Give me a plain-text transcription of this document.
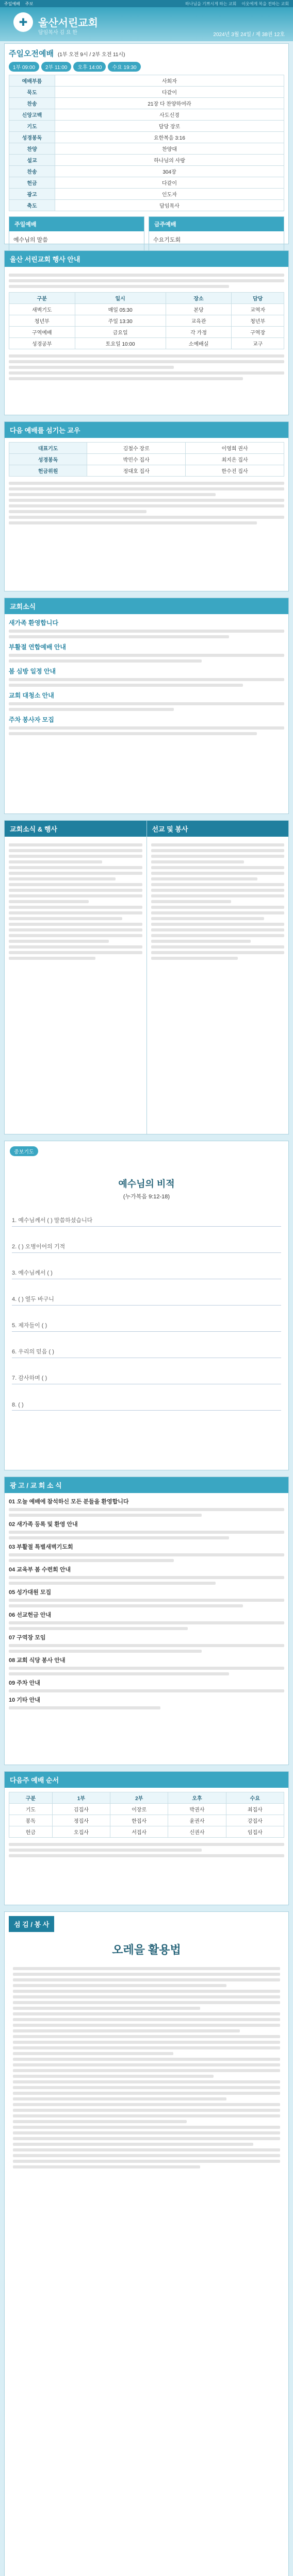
주일예배 주보	하나님을 기쁘시게 하는 교회 이웃에게 복을 전하는 교회
✚	울산서린교회
담임목사 김 요 한	2024년 3월 24일 / 제 38권 12호
주일오전예배 (1부 오전 9시 / 2부 오전 11시)
1부 09:00	2부 11:00	오후 14:00	수요 19:30
예배부름	사회자
묵도	다같이
찬송	21장 다 찬양하여라
신앙고백	사도신경
기도	담당 장로
성경봉독	요한복음 3:16
찬양	찬양대
설교	하나님의 사랑
찬송	304장
헌금	다같이
광고	인도자
축도	담임목사
주일예배
예수님의 말씀
금주예배
수요기도회
울산 서린교회 행사 안내
구분	일시	장소	담당
새벽기도	매일 05:30	본당	교역자
청년부	주일 13:30	교육관	청년부
구역예배	금요일	각 가정	구역장
성경공부	토요일 10:00	소예배실	교구
다음 예배를 섬기는 교우
대표기도	김철수 장로	이영희 권사
성경봉독	박민수 집사	최지은 집사
헌금위원	정대호 집사	한수진 집사
교회소식
새가족 환영합니다
부활절 연합예배 안내
봄 심방 일정 안내
교회 대청소 안내
주차 봉사자 모집
교회소식 & 행사	선교 및 봉사
중보기도
예수님의 비적
(누가복음 9:12-18)
1. 예수님께서 ( ) 말씀하셨습니다
2. ( ) 오병이어의 기적
3. 예수님께서 ( )
4. ( ) 열두 바구니
5. 제자들이 ( )
6. 우리의 믿음 ( )
7. 감사하며 ( )
8. ( )
광 고 / 교 회 소 식
01 오늘 예배에 참석하신 모든 분들을 환영합니다
02 새가족 등록 및 환영 안내
03 부활절 특별새벽기도회
04 교육부 봄 수련회 안내
05 성가대원 모집
06 선교헌금 안내
07 구역장 모임
08 교회 식당 봉사 안내
09 주차 안내
10 기타 안내
다음주 예배 순서
구분	1부	2부	오후	수요
기도	김집사	이장로	박권사	최집사
봉독	정집사	한집사	윤권사	강집사
헌금	오집사	서집사	신권사	임집사
섬 김 / 봉 사
오레을 활용법
